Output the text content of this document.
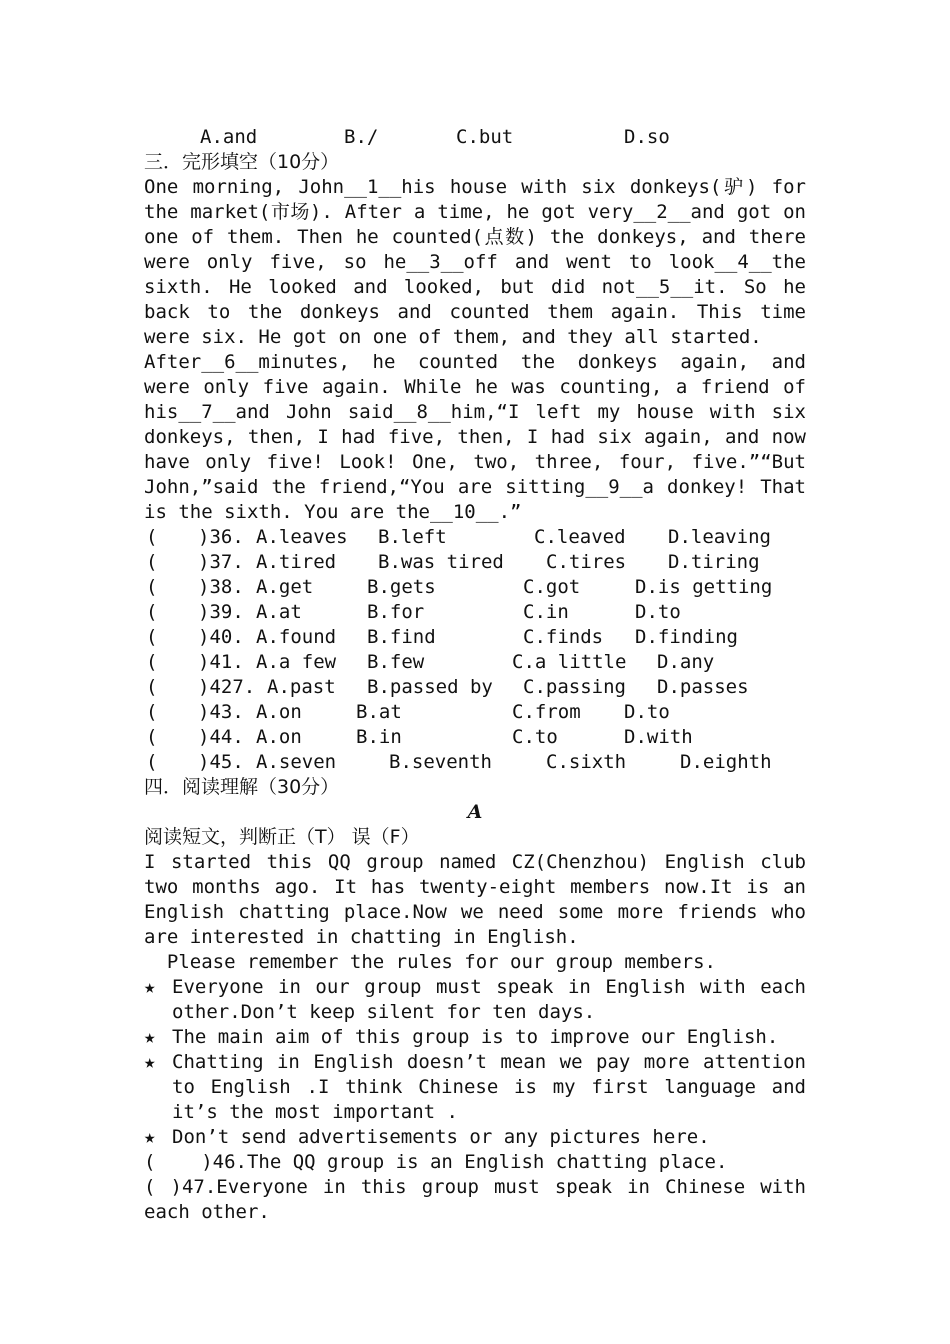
A.and	B./	C.but	D.so
三．完形填空（10分）
One morning, John__1__his house with six donkeys(驴) for
the market(市场). After a time, he got very__2__and got on
one of them. Then he counted(点数) the donkeys, and there
were only five, so he__3__off and went to look__4__the
sixth. He looked and looked, but did not__5__it. So he
back to the donkeys and counted them again. This time
were six. He got on one of them, and they all started.
After__6__minutes, he counted the donkeys again, and
were only five again. While he was counting, a friend of
his__7__and John said__8__him,“I left my house with six
donkeys, then, I had five, then, I had six again, and now
have only five! Look! One, two, three, four, five.”“But
John,”said the friend,“You are sitting__9__a donkey! That
is the sixth. You are the__10__.”
( )36. A.leaves B.left	C.leaved D.leaving
( )37. A.tired B.was tired C.tires D.tiring
( )38. A.get	B.gets	C.got	D.is getting
( )39. A.at	B.for	C.in	D.to
( )40. A.found B.find	C.finds D.finding
( )41. A.a few B.few	C.a little D.any
( )427. A.past B.passed by C.passing D.passes
( )43. A.on	B.at	C.from D.to
( )44. A.on	B.in	C.to	D.with
( )45. A.seven	B.seventh	C.sixth	D.eighth
四．阅读理解（30分）
A
阅读短文，判断正（T） 误（F）
I started this QQ group named CZ(Chenzhou) English club
two months ago. It has twenty-eight members now.It is an
English chatting place.Now we need some more friends who
are interested in chatting in English.
Please remember the rules for our group members.
★ Everyone in our group must speak in English with each
other.Don’t keep silent for ten days.
★ The main aim of this group is to improve our English.
★ Chatting in English doesn’t mean we pay more attention
to English .I think Chinese is my first language and
it’s the most important .
★ Don’t send advertisements or any pictures here.
(    )46.The QQ group is an English chatting place.
( )47.Everyone in this group must speak in Chinese with
each other.
